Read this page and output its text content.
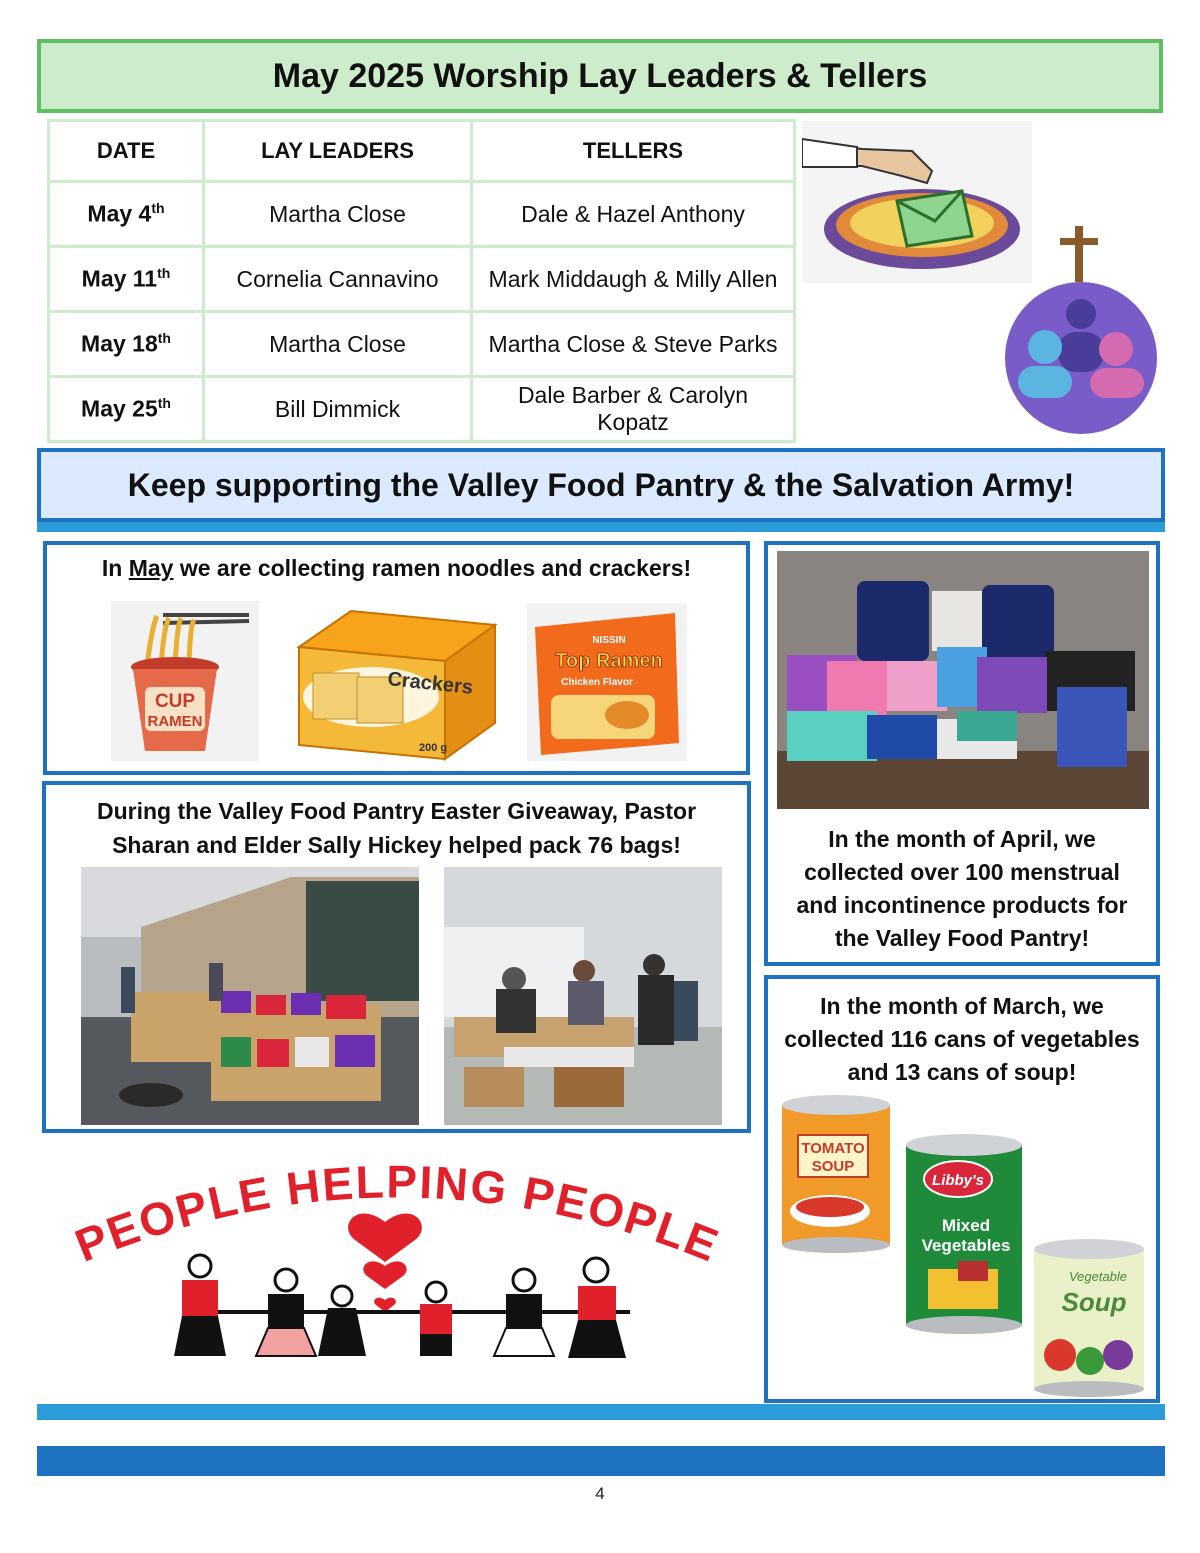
May 2025 Worship Lay Leaders & Tellers
DATE	LAY LEADERS	TELLERS
May 4th	Martha Close	Dale & Hazel Anthony
May 11th	Cornelia Cannavino	Mark Middaugh & Milly Allen
May 18th	Martha Close	Martha Close & Steve Parks
May 25th	Bill Dimmick	Dale Barber & Carolyn Kopatz
Keep supporting the Valley Food Pantry & the Salvation Army!
In May we are collecting ramen noodles and crackers!
CUP
RAMEN
Crackers
200 g
NISSIN
Top Ramen
Chicken Flavor
During the Valley Food Pantry Easter Giveaway, Pastor
Sharan and Elder Sally Hickey helped pack 76 bags!	In the month of April, we
collected over 100 menstrual
and incontinence products for
the Valley Food Pantry!
In the month of March, we
collected 116 cans of vegetables
and 13 cans of soup!
TOMATO
SOUP
Libby's
Mixed
Vegetables
Vegetable
Soup
PEOPLE HELPING PEOPLE
4
